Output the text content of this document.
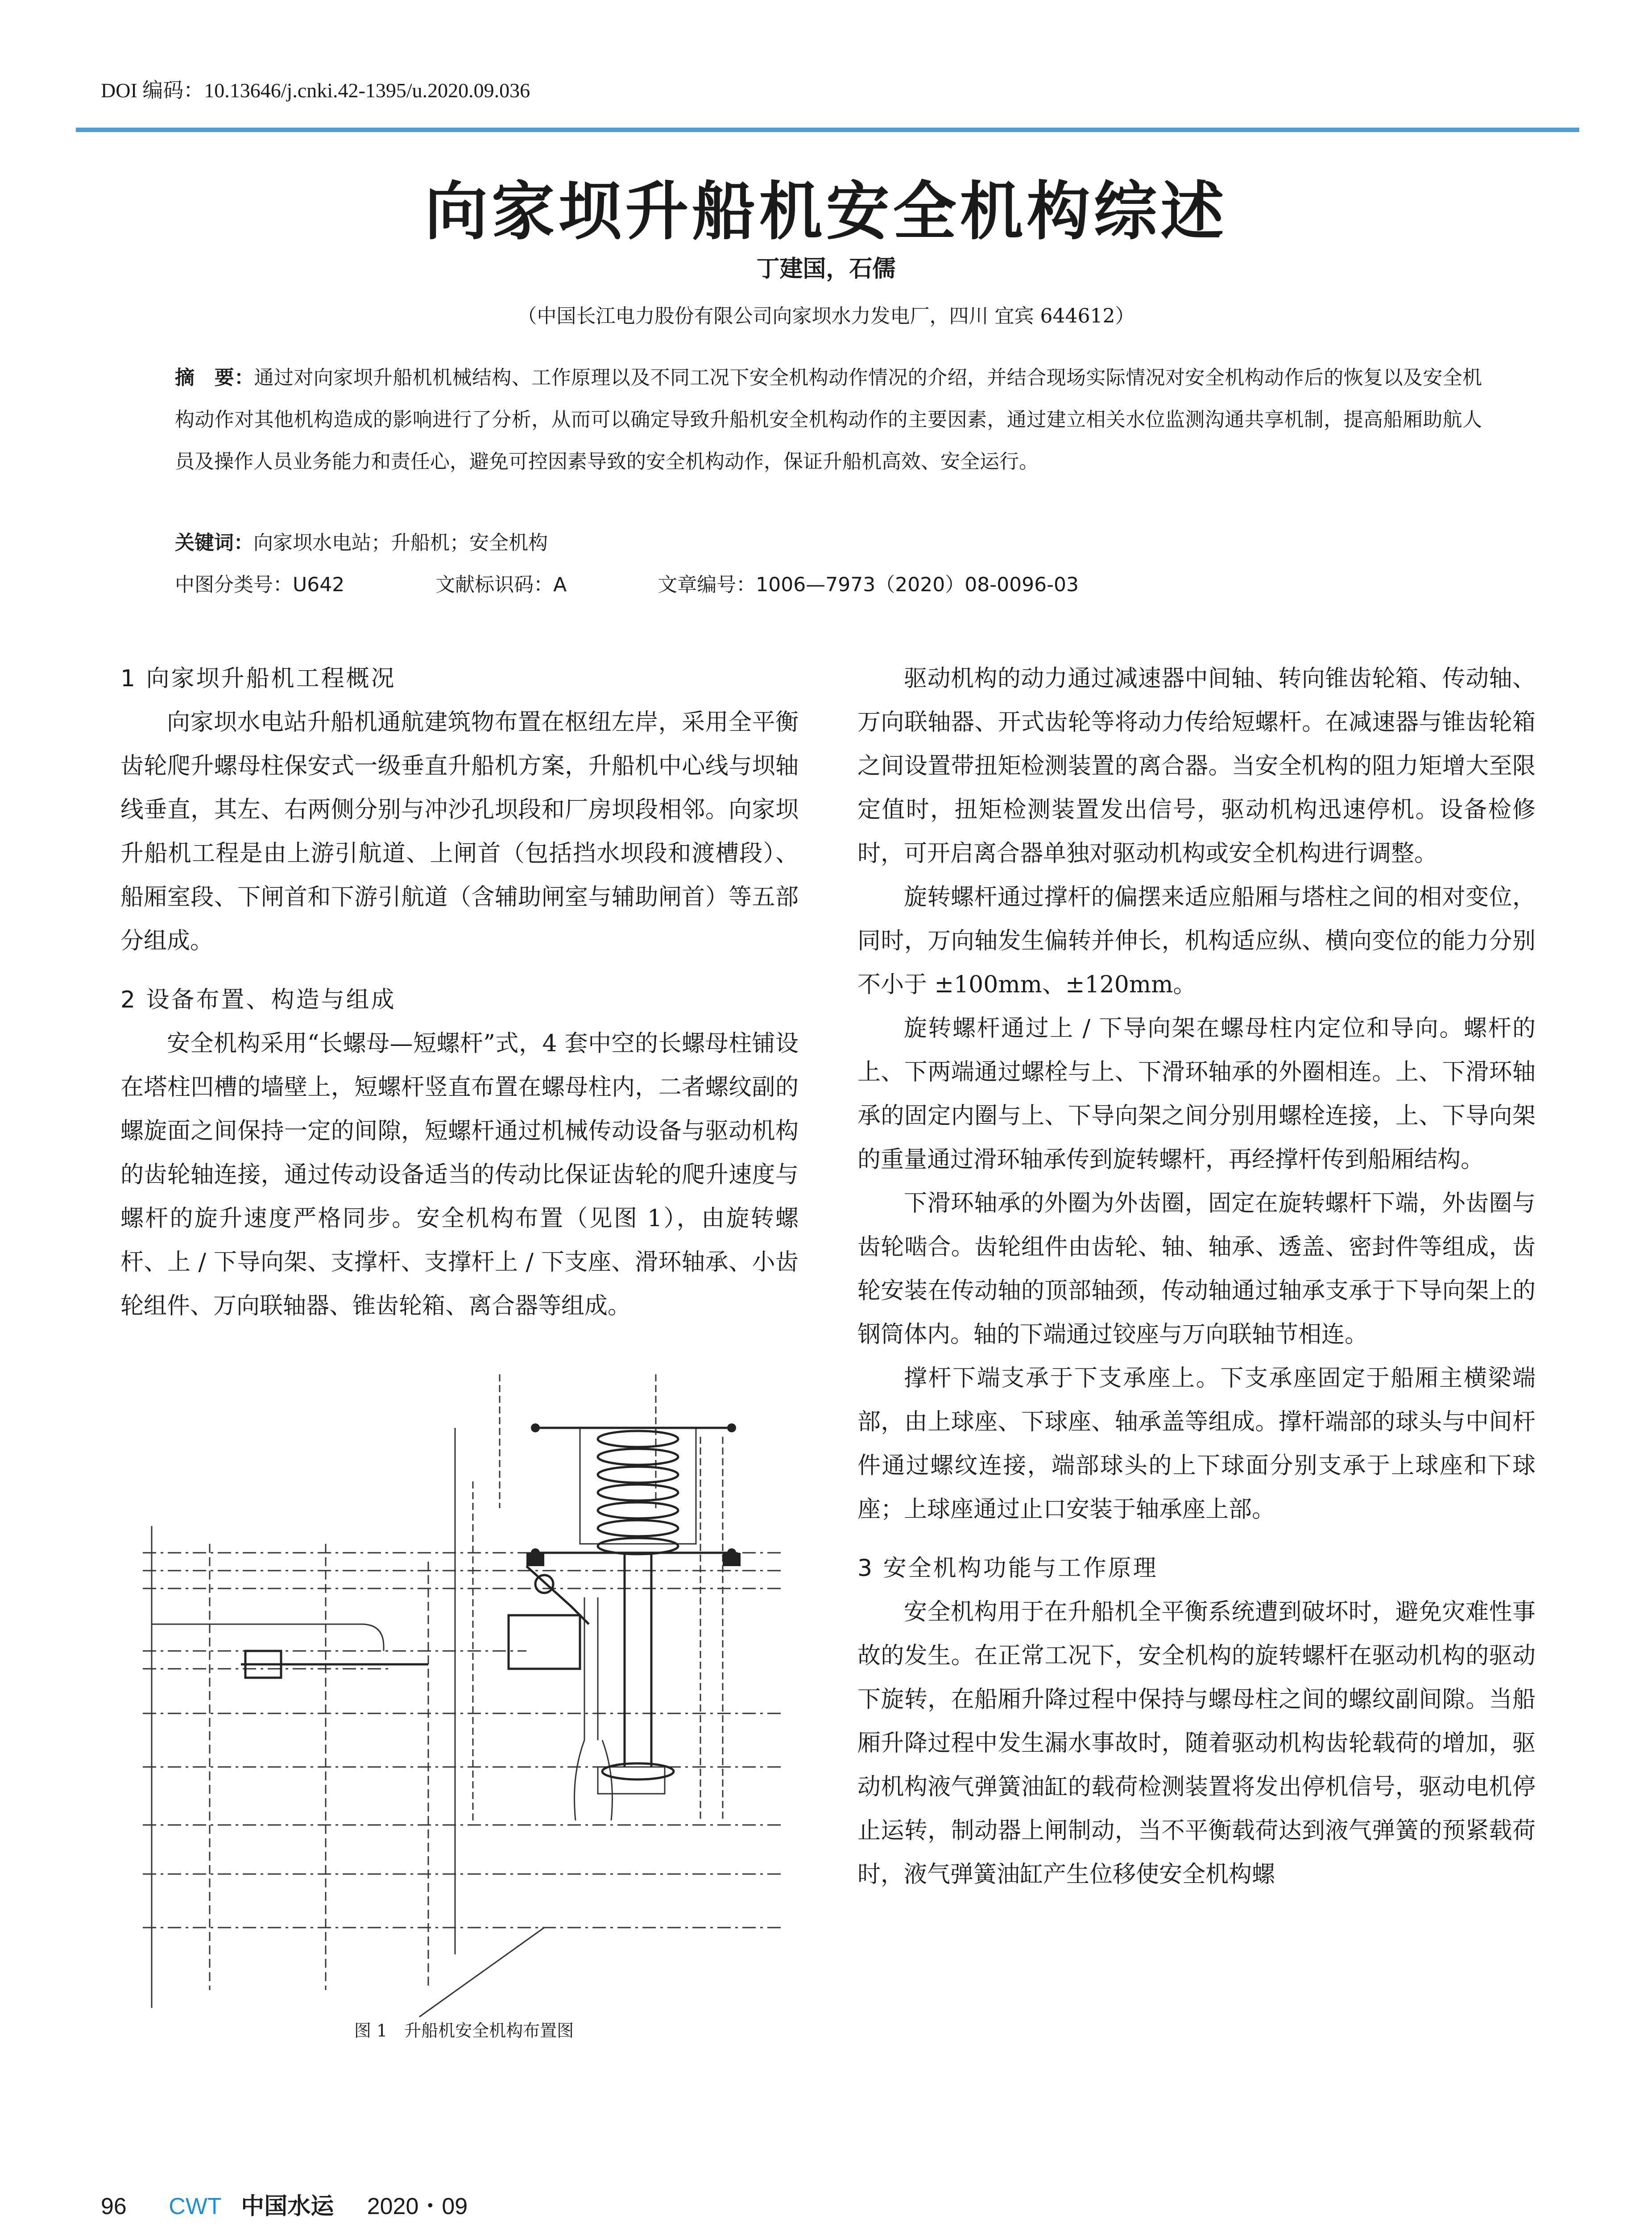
DOI 编码：10.13646/j.cnki.42-1395/u.2020.09.036
向家坝升船机安全机构综述
丁建国，石儒
（中国长江电力股份有限公司向家坝水力发电厂，四川 宜宾 644612）
摘　要：通过对向家坝升船机机械结构、工作原理以及不同工况下安全机构动作情况的介绍，并结合现场实际情况对安全机构动作后的恢复以及安全机构动作对其他机构造成的影响进行了分析，从而可以确定导致升船机安全机构动作的主要因素，通过建立相关水位监测沟通共享机制，提高船厢助航人员及操作人员业务能力和责任心，避免可控因素导致的安全机构动作，保证升船机高效、安全运行。
关键词：向家坝水电站；升船机；安全机构
中图分类号：U642	文献标识码：A	文章编号：1006—7973（2020）08-0096-03
1 向家坝升船机工程概况

向家坝水电站升船机通航建筑物布置在枢纽左岸，采用全平衡齿轮爬升螺母柱保安式一级垂直升船机方案，升船机中心线与坝轴线垂直，其左、右两侧分别与冲沙孔坝段和厂房坝段相邻。向家坝升船机工程是由上游引航道、上闸首（包括挡水坝段和渡槽段）、船厢室段、下闸首和下游引航道（含辅助闸室与辅助闸首）等五部分组成。

2 设备布置、构造与组成

安全机构采用“长螺母—短螺杆”式，4 套中空的长螺母柱铺设在塔柱凹槽的墙壁上，短螺杆竖直布置在螺母柱内，二者螺纹副的螺旋面之间保持一定的间隙，短螺杆通过机械传动设备与驱动机构的齿轮轴连接，通过传动设备适当的传动比保证齿轮的爬升速度与螺杆的旋升速度严格同步。安全机构布置（见图 1），由旋转螺杆、上 / 下导向架、支撑杆、支撑杆上 / 下支座、滑环轴承、小齿轮组件、万向联轴器、锥齿轮箱、离合器等组成。

图 1　升船机安全机构布置图

驱动机构的动力通过减速器中间轴、转向锥齿轮箱、传动轴、万向联轴器、开式齿轮等将动力传给短螺杆。在减速器与锥齿轮箱之间设置带扭矩检测装置的离合器。当安全机构的阻力矩增大至限定值时，扭矩检测装置发出信号，驱动机构迅速停机。设备检修时，可开启离合器单独对驱动机构或安全机构进行调整。

旋转螺杆通过撑杆的偏摆来适应船厢与塔柱之间的相对变位，同时，万向轴发生偏转并伸长，机构适应纵、横向变位的能力分别不小于 ±100mm、±120mm。

旋转螺杆通过上 / 下导向架在螺母柱内定位和导向。螺杆的上、下两端通过螺栓与上、下滑环轴承的外圈相连。上、下滑环轴承的固定内圈与上、下导向架之间分别用螺栓连接，上、下导向架的重量通过滑环轴承传到旋转螺杆，再经撑杆传到船厢结构。

下滑环轴承的外圈为外齿圈，固定在旋转螺杆下端，外齿圈与齿轮啮合。齿轮组件由齿轮、轴、轴承、透盖、密封件等组成，齿轮安装在传动轴的顶部轴颈，传动轴通过轴承支承于下导向架上的钢筒体内。轴的下端通过铰座与万向联轴节相连。

撑杆下端支承于下支承座上。下支承座固定于船厢主横梁端部，由上球座、下球座、轴承盖等组成。撑杆端部的球头与中间杆件通过螺纹连接，端部球头的上下球面分别支承于上球座和下球座；上球座通过止口安装于轴承座上部。

3 安全机构功能与工作原理

安全机构用于在升船机全平衡系统遭到破坏时，避免灾难性事故的发生。在正常工况下，安全机构的旋转螺杆在驱动机构的驱动下旋转，在船厢升降过程中保持与螺母柱之间的螺纹副间隙。当船厢升降过程中发生漏水事故时，随着驱动机构齿轮载荷的增加，驱动机构液气弹簧油缸的载荷检测装置将发出停机信号，驱动电机停止运转，制动器上闸制动，当不平衡载荷达到液气弹簧的预紧载荷时，液气弹簧油缸产生位移使安全机构螺

96 CWT 中国水运 2020・09
